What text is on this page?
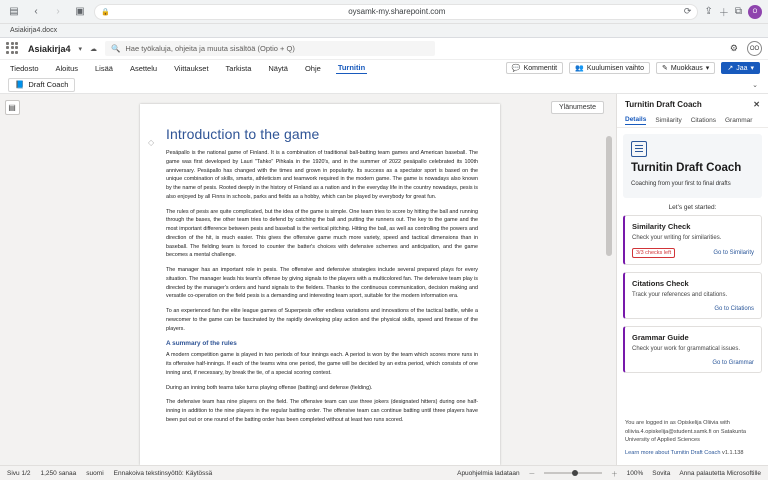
▤	‹	›	▣	🔒	oysamk-my.sharepoint.com	⟳ ⇪ ＋ ⧉	O
Asiakirja4.docx
Asiakirja4 ▾ ☁ 🔍 Hae työkaluja, ohjeita ja muuta sisältöä (Optio + Q)	⚙	OO
Tiedosto Aloitus Lisää Asettelu Viittaukset Tarkista Näytä Ohje Turnitin	💬 Kommentit	👥 Kuulumisen vaihto	✎ Muokkaus ▾	↗ Jaa ▾
📘 Draft Coach	⌄
▤
◇
Introduction to the game

Pesäpallo is the national game of Finland. It is a combination of traditional ball-batting team games and American baseball. The game was first developed by Lauri "Tahko" Pihkala in the 1920's, and in the summer of 2022 pesäpallo celebrated its 100th anniversary. Pesäpallo has changed with the times and grown in popularity. Its success as a spectator sport is based on the unique combination of skills, smarts, athleticism and teamwork required in the modern game. The game is nowadays also known by the name of pesis. Rooted deeply in the history of Finland as a nation and in the everyday life in the country nowadays, pesis is also enjoyed by all Finns in schools, parks and fields as a hobby, which can be played by everybody for great fun.

The rules of pesis are quite complicated, but the idea of the game is simple. One team tries to score by hitting the ball and running through the bases, the other team tries to defend by catching the ball and putting the runners out. The key to the game and the most important difference between pesis and baseball is the vertical pitching. Hitting the ball, as well as controlling the powers and direction of the hit, is much easier. This gives the offensive game much more variety, speed and tactical dimensions than in baseball. The fielding team is forced to counter the batter's choices with defensive schemes and anticipation, and the game becomes a mental challenge.

The manager has an important role in pesis. The offensive and defensive strategies include several prepared plays for every situation. The manager leads his team's offense by giving signals to the players with a multicolored fan. The defensive team play is directed by the manager's orders and hand signals to the fielders. Thanks to the continuous communication, decision making and versatile co-operation on the field pesis is a demanding and interesting team sport, suitable for the modern information era.

To an experienced fan the elite league games of Superpesis offer endless variations and innovations of the tactical battle, while a newcomer to the game can be fascinated by the rapidly developing play action and the physical skills, speed and finesse of the players.

A summary of the rules

A modern competition game is played in two periods of four innings each. A period is won by the team which scores more runs in its offensive half-innings. If each of the teams wins one period, the game will be decided by an extra period, which consists of one inning and, if necessary, by break the tie, of a special scoring contest.

During an inning both teams take turns playing offense (batting) and defense (fielding).

The defensive team has nine players on the field. The offensive team can use three jokers (designated hitters) during one half-inning in addition to the nine players in the regular batting order. The offensive team can continue batting until three players have been put out or one round of the batting order has been completed without at least two runs scored.

Ylänumeste	Turnitin Draft Coach	✕
Details Similarity Citations Grammar
Turnitin Draft Coach
Coaching from your first to final drafts
Let's get started:
Similarity Check
Check your writing for similarities.
3/3 checks left	Go to Similarity
Citations Check
Track your references and citations.
Go to Citations
Grammar Guide
Check your work for grammatical issues.
Go to Grammar
You are logged in as Opiskelija Oliivia with oliivia.4.opiskelija@student.samk.fi on Satakunta University of Applied Sciences
Learn more about Turnitin Draft Coach v1.1.138
Sivu 1/2 1,250 sanaa suomi Ennakoiva tekstinsyöttö: Käytössä	Apuohjelmia ladataan －	＋ 100% Sovita Anna palautetta Microsoftille
